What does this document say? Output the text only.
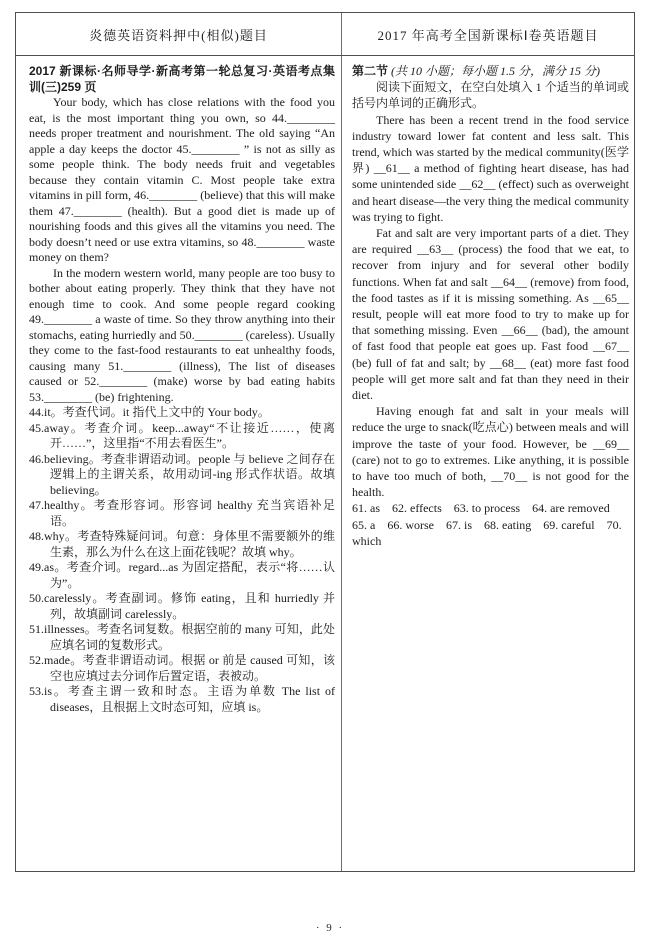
炎德英语资料押中(相似)题目	2017 年高考全国新课标Ⅰ卷英语题目

2017 新课标·名师导学·新高考第一轮总复习·英语考点集训(三)259 页

Your body, which has close relations with the food you eat, is the most important thing you own, so 44.________ needs proper treatment and nourishment. The old saying “An apple a day keeps the doctor 45.________ ” is not as silly as some people think. The body needs fruit and vegetables because they contain vitamin C. Most people take extra vitamins in pill form, 46.________ (believe) that this will make them 47.________ (health). But a good diet is made up of nourishing foods and this gives all the vitamins you need. The body doesn’t need or use extra vitamins, so 48.________ waste money on them?

In the modern western world, many people are too busy to bother about eating properly. They think that they have not enough time to cook. And some people regard cooking 49.________ a waste of time. So they throw anything into their stomachs, eating hurriedly and 50.________ (careless). Usually they come to the fast-food restaurants to eat unhealthy foods, causing many 51.________ (illness), The list of diseases caused or 52.________ (make) worse by bad eating habits 53.________ (be) frightening.

44.it。考查代词。it 指代上文中的 Your body。

45.away。考查介词。keep...away“不让接近……，使离开……”，这里指“不用去看医生”。

46.believing。考查非谓语动词。people 与 believe 之间存在逻辑上的主谓关系，故用动词-ing 形式作状语。故填 believing。

47.healthy。考查形容词。形容词 healthy 充当宾语补足语。

48.why。考查特殊疑问词。句意：身体里不需要额外的维生素，那么为什么在这上面花钱呢？故填 why。

49.as。考查介词。regard...as 为固定搭配，表示“将……认为”。

50.carelessly。考查副词。修饰 eating，且和 hurriedly 并列，故填副词 carelessly。

51.illnesses。考查名词复数。根据空前的 many 可知，此处应填名词的复数形式。

52.made。考查非谓语动词。根据 or 前是 caused 可知，该空也应填过去分词作后置定语，表被动。

53.is。考查主谓一致和时态。主语为单数 The list of diseases，且根据上文时态可知，应填 is。

第二节 (共 10 小题；每小题 1.5 分，满分 15 分)

阅读下面短文，在空白处填入 1 个适当的单词或括号内单词的正确形式。

There has been a recent trend in the food service industry toward lower fat content and less salt. This trend, which was started by the medical community(医学界) __61__ a method of fighting heart disease, has had some unintended side __62__ (effect) such as overweight and heart disease—the very thing the medical community was trying to fight.

Fat and salt are very important parts of a diet. They are required __63__ (process) the food that we eat, to recover from injury and for several other bodily functions. When fat and salt __64__ (remove) from food, the food tastes as if it is missing something. As __65__ result, people will eat more food to try to make up for that something missing. Even __66__ (bad), the amount of fast food that people eat goes up. Fast food __67__ (be) full of fat and salt; by __68__ (eat) more fast food people will get more salt and fat than they need in their diet.

Having enough fat and salt in your meals will reduce the urge to snack(吃点心) between meals and will improve the taste of your food. However, be __69__ (care) not to go to extremes. Like anything, it is possible to have too much of both, __70__ is not good for the health.

61. as　62. effects　63. to process　64. are removed　65. a　66. worse　67. is　68. eating　69. careful　70. which

· 9 ·
